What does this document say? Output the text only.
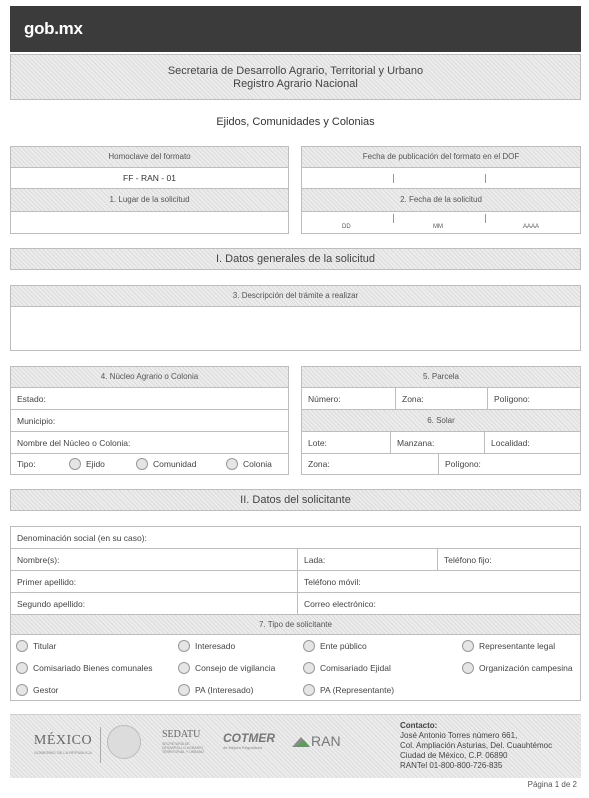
gob.mx
Secretaria de Desarrollo Agrario, Territorial y Urbano
Registro Agrario Nacional
Ejidos, Comunidades y Colonias
Homoclave del formato
FF - RAN - 01
1. Lugar de la solicitud
Fecha de publicación del formato en el DOF
2. Fecha de la solicitud
DD	MM	AAAA
I. Datos generales de la solicitud
3. Descripción del trámite a realizar
4. Núcleo Agrario o Colonia
Estado:
Municipio:
Nombre del Núcleo o Colonia:
Tipo:	Ejido	Comunidad	Colonia
5. Parcela
Número:	Zona:	Polígono:
6. Solar
Lote:	Manzana:	Localidad:
Zona:	Polígono:
II. Datos del solicitante
Denominación social (en su caso):
Nombre(s):	Lada:	Teléfono fijo:
Primer apellido:	Teléfono móvil:
Segundo apellido:	Correo electrónico:
7. Tipo de solicitante
Titular	Interesado	Ente público	Representante legal
Comisariado Bienes comunales	Consejo de vigilancia	Comisariado Ejidal	Organización campesina
Gestor	PA (Interesado)	PA (Representante)
MÉXICO
GOBIERNO DE LA REPÚBLICA
SEDATU
SECRETARÍA DE DESARROLLO AGRARIO, TERRITORIAL Y URBANO
COTMER
de Mejora Regulatoria	RAN
Contacto:
José Antonio Torres número 661,
Col. Ampliación Asturias, Del. Cuauhtémoc
Ciudad de México, C.P. 06890
RANTel 01-800-800-726-835
Página 1 de 2
